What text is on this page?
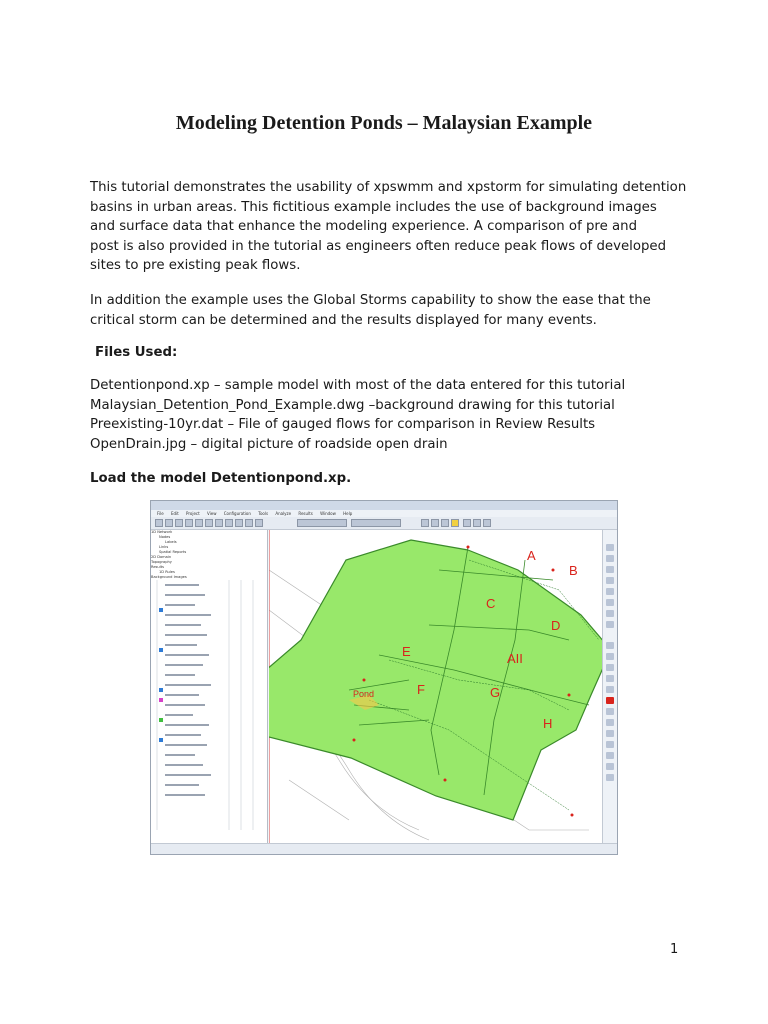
Modeling Detention Ponds – Malaysian Example

This tutorial demonstrates the usability of xpswmm and xpstorm for simulating detention
basins in urban areas. This fictitious example includes the use of background images
and surface data that enhance the modeling experience. A comparison of pre and
post is also provided in the tutorial as engineers often reduce peak flows of developed
sites to pre existing peak flows.

In addition the example uses the Global Storms capability to show the ease that the
critical storm can be determined and the results displayed for many events.

Files Used:

Detentionpond.xp – sample model with most of the data entered for this tutorial
Malaysian_Detention_Pond_Example.dwg –background drawing for this tutorial
Preexisting-10yr.dat – File of gauged flows for comparison in Review Results
OpenDrain.jpg – digital picture of roadside open drain

Load the model Detentionpond.xp.

File Edit Project View Configuration Tools Analyze Results Window Help
1D Network
Nodes
Labels
Links
Spatial Reports
2D Domain
Topography
Results
1D Rules
Background Images
Pond
A
B
C
D
E	AII
F	G
H
1
